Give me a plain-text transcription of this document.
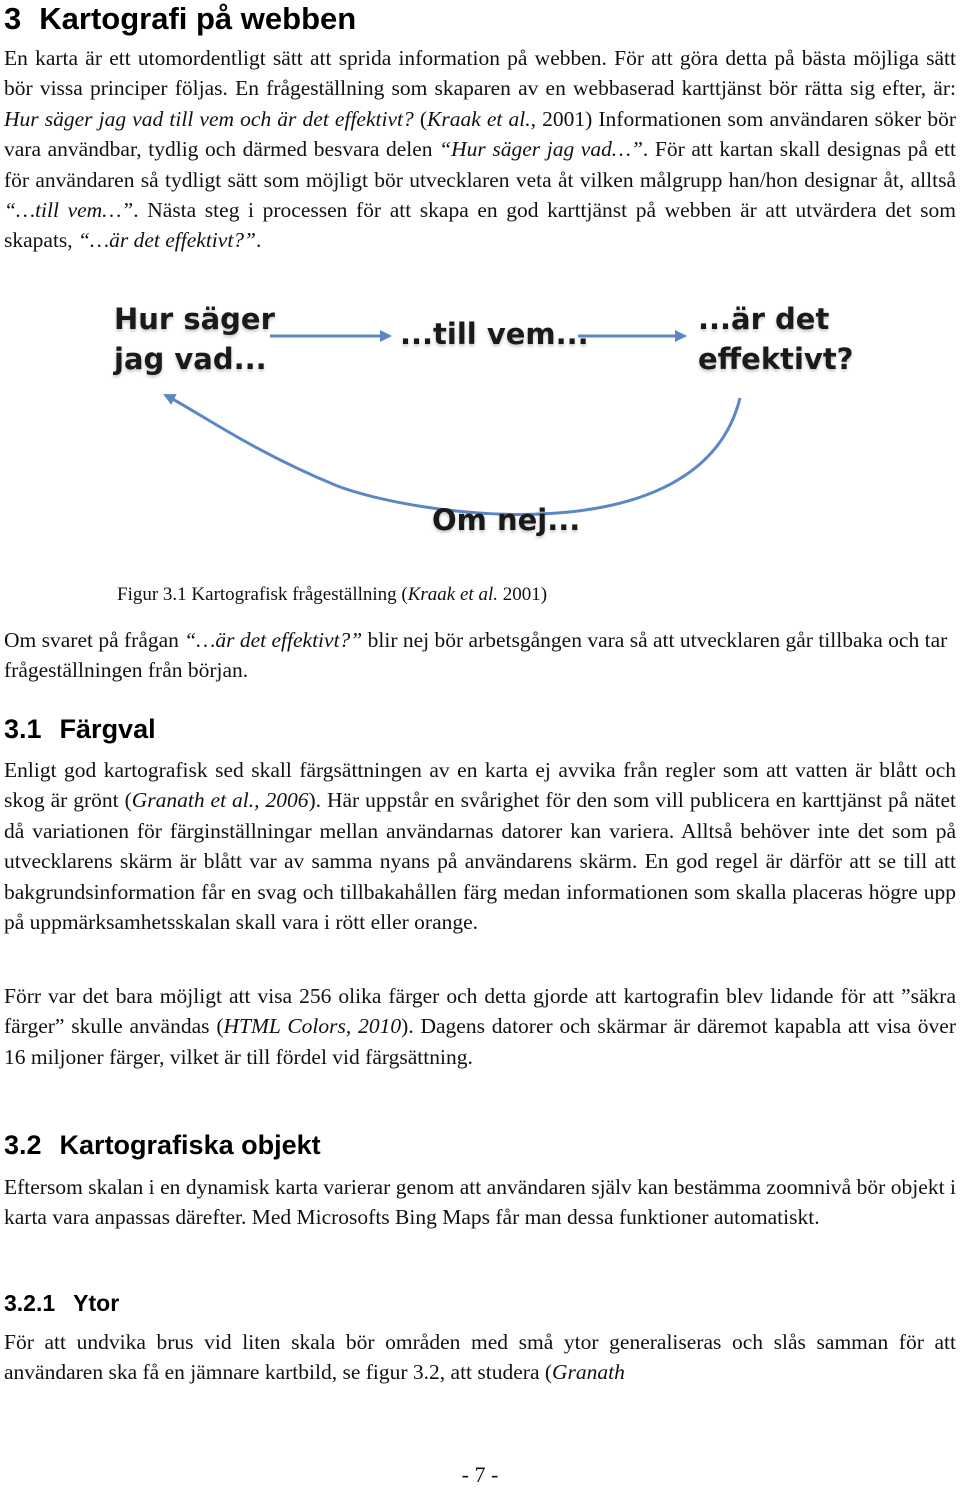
3 Kartografi på webben

En karta är ett utomordentligt sätt att sprida information på webben. För att göra detta på bästa möjliga sätt bör vissa principer följas. En frågeställning som skaparen av en webbaserad karttjänst bör rätta sig efter, är: Hur säger jag vad till vem och är det effektivt? (Kraak et al., 2001) Informationen som användaren söker bör vara användbar, tydlig och därmed besvara delen “Hur säger jag vad…”. För att kartan skall designas på ett för användaren så tydligt sätt som möjligt bör utvecklaren veta åt vilken målgrupp han/hon designar åt, alltså “…till vem…”. Nästa steg i processen för att skapa en god karttjänst på webben är att utvärdera det som skapats, “…är det effektivt?”.

Hur säger
jag vad...
...till vem...	...är det
effektivt?
Om nej...
Figur 3.1 Kartografisk frågeställning (Kraak et al. 2001)

Om svaret på frågan “…är det effektivt?” blir nej bör arbetsgången vara så att utvecklaren går tillbaka och tar frågeställningen från början.

3.1 Färgval

Enligt god kartografisk sed skall färgsättningen av en karta ej avvika från regler som att vatten är blått och skog är grönt (Granath et al., 2006). Här uppstår en svårighet för den som vill publicera en karttjänst på nätet då variationen för färginställningar mellan användarnas datorer kan variera. Alltså behöver inte det som på utvecklarens skärm är blått var av samma nyans på användarens skärm. En god regel är därför att se till att bakgrundsinformation får en svag och tillbakahållen färg medan informationen som skalla placeras högre upp på uppmärksamhetsskalan skall vara i rött eller orange.

Förr var det bara möjligt att visa 256 olika färger och detta gjorde att kartografin blev lidande för att ”säkra färger” skulle användas (HTML Colors, 2010). Dagens datorer och skärmar är däremot kapabla att visa över 16 miljoner färger, vilket är till fördel vid färgsättning.

3.2 Kartografiska objekt

Eftersom skalan i en dynamisk karta varierar genom att användaren själv kan bestämma zoomnivå bör objekt i karta vara anpassas därefter. Med Microsofts Bing Maps får man dessa funktioner automatiskt.

3.2.1 Ytor

För att undvika brus vid liten skala bör områden med små ytor generaliseras och slås samman för att användaren ska få en jämnare kartbild, se figur 3.2, att studera (Granath

- 7 -
